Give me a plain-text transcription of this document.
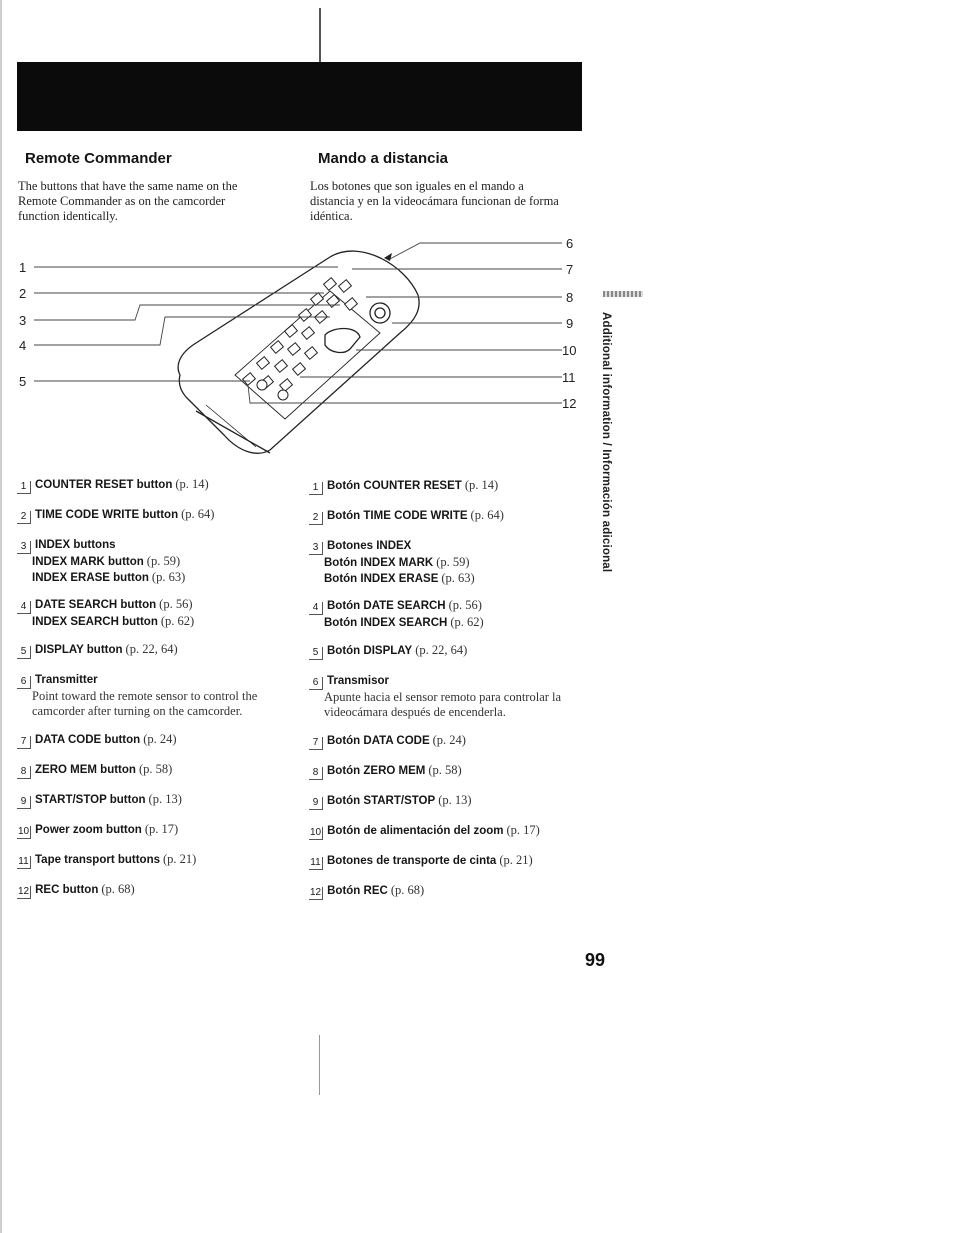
Remote Commander	Mando a distancia
The buttons that have the same name on the Remote Commander as on the camcorder function identically.
Los botones que son iguales en el mando a distancia y en la videocámara funcionan de forma idéntica.
1
2
3
4
5
6
7
8
9
10
11
12 Additional information / Información adicional
1 COUNTER RESET button (p. 14)
2 TIME CODE WRITE button (p. 64)
3 INDEX buttons
INDEX MARK button (p. 59)
INDEX ERASE button (p. 63)
4 DATE SEARCH button (p. 56)
INDEX SEARCH button (p. 62)
5 DISPLAY button (p. 22, 64)
6 Transmitter
Point toward the remote sensor to control the camcorder after turning on the camcorder.
7 DATA CODE button (p. 24)
8 ZERO MEM button (p. 58)
9 START/STOP button (p. 13)
10 Power zoom button (p. 17)
11 Tape transport buttons (p. 21)
12 REC button (p. 68)
1 Botón COUNTER RESET (p. 14)
2 Botón TIME CODE WRITE (p. 64)
3 Botones INDEX
Botón INDEX MARK (p. 59)
Botón INDEX ERASE (p. 63)
4 Botón DATE SEARCH (p. 56)
Botón INDEX SEARCH (p. 62)
5 Botón DISPLAY (p. 22, 64)
6 Transmisor
Apunte hacia el sensor remoto para controlar la videocámara después de encenderla.
7 Botón DATA CODE (p. 24)
8 Botón ZERO MEM (p. 58)
9 Botón START/STOP (p. 13)
10 Botón de alimentación del zoom (p. 17)
11 Botones de transporte de cinta (p. 21)
12 Botón REC (p. 68)
99
